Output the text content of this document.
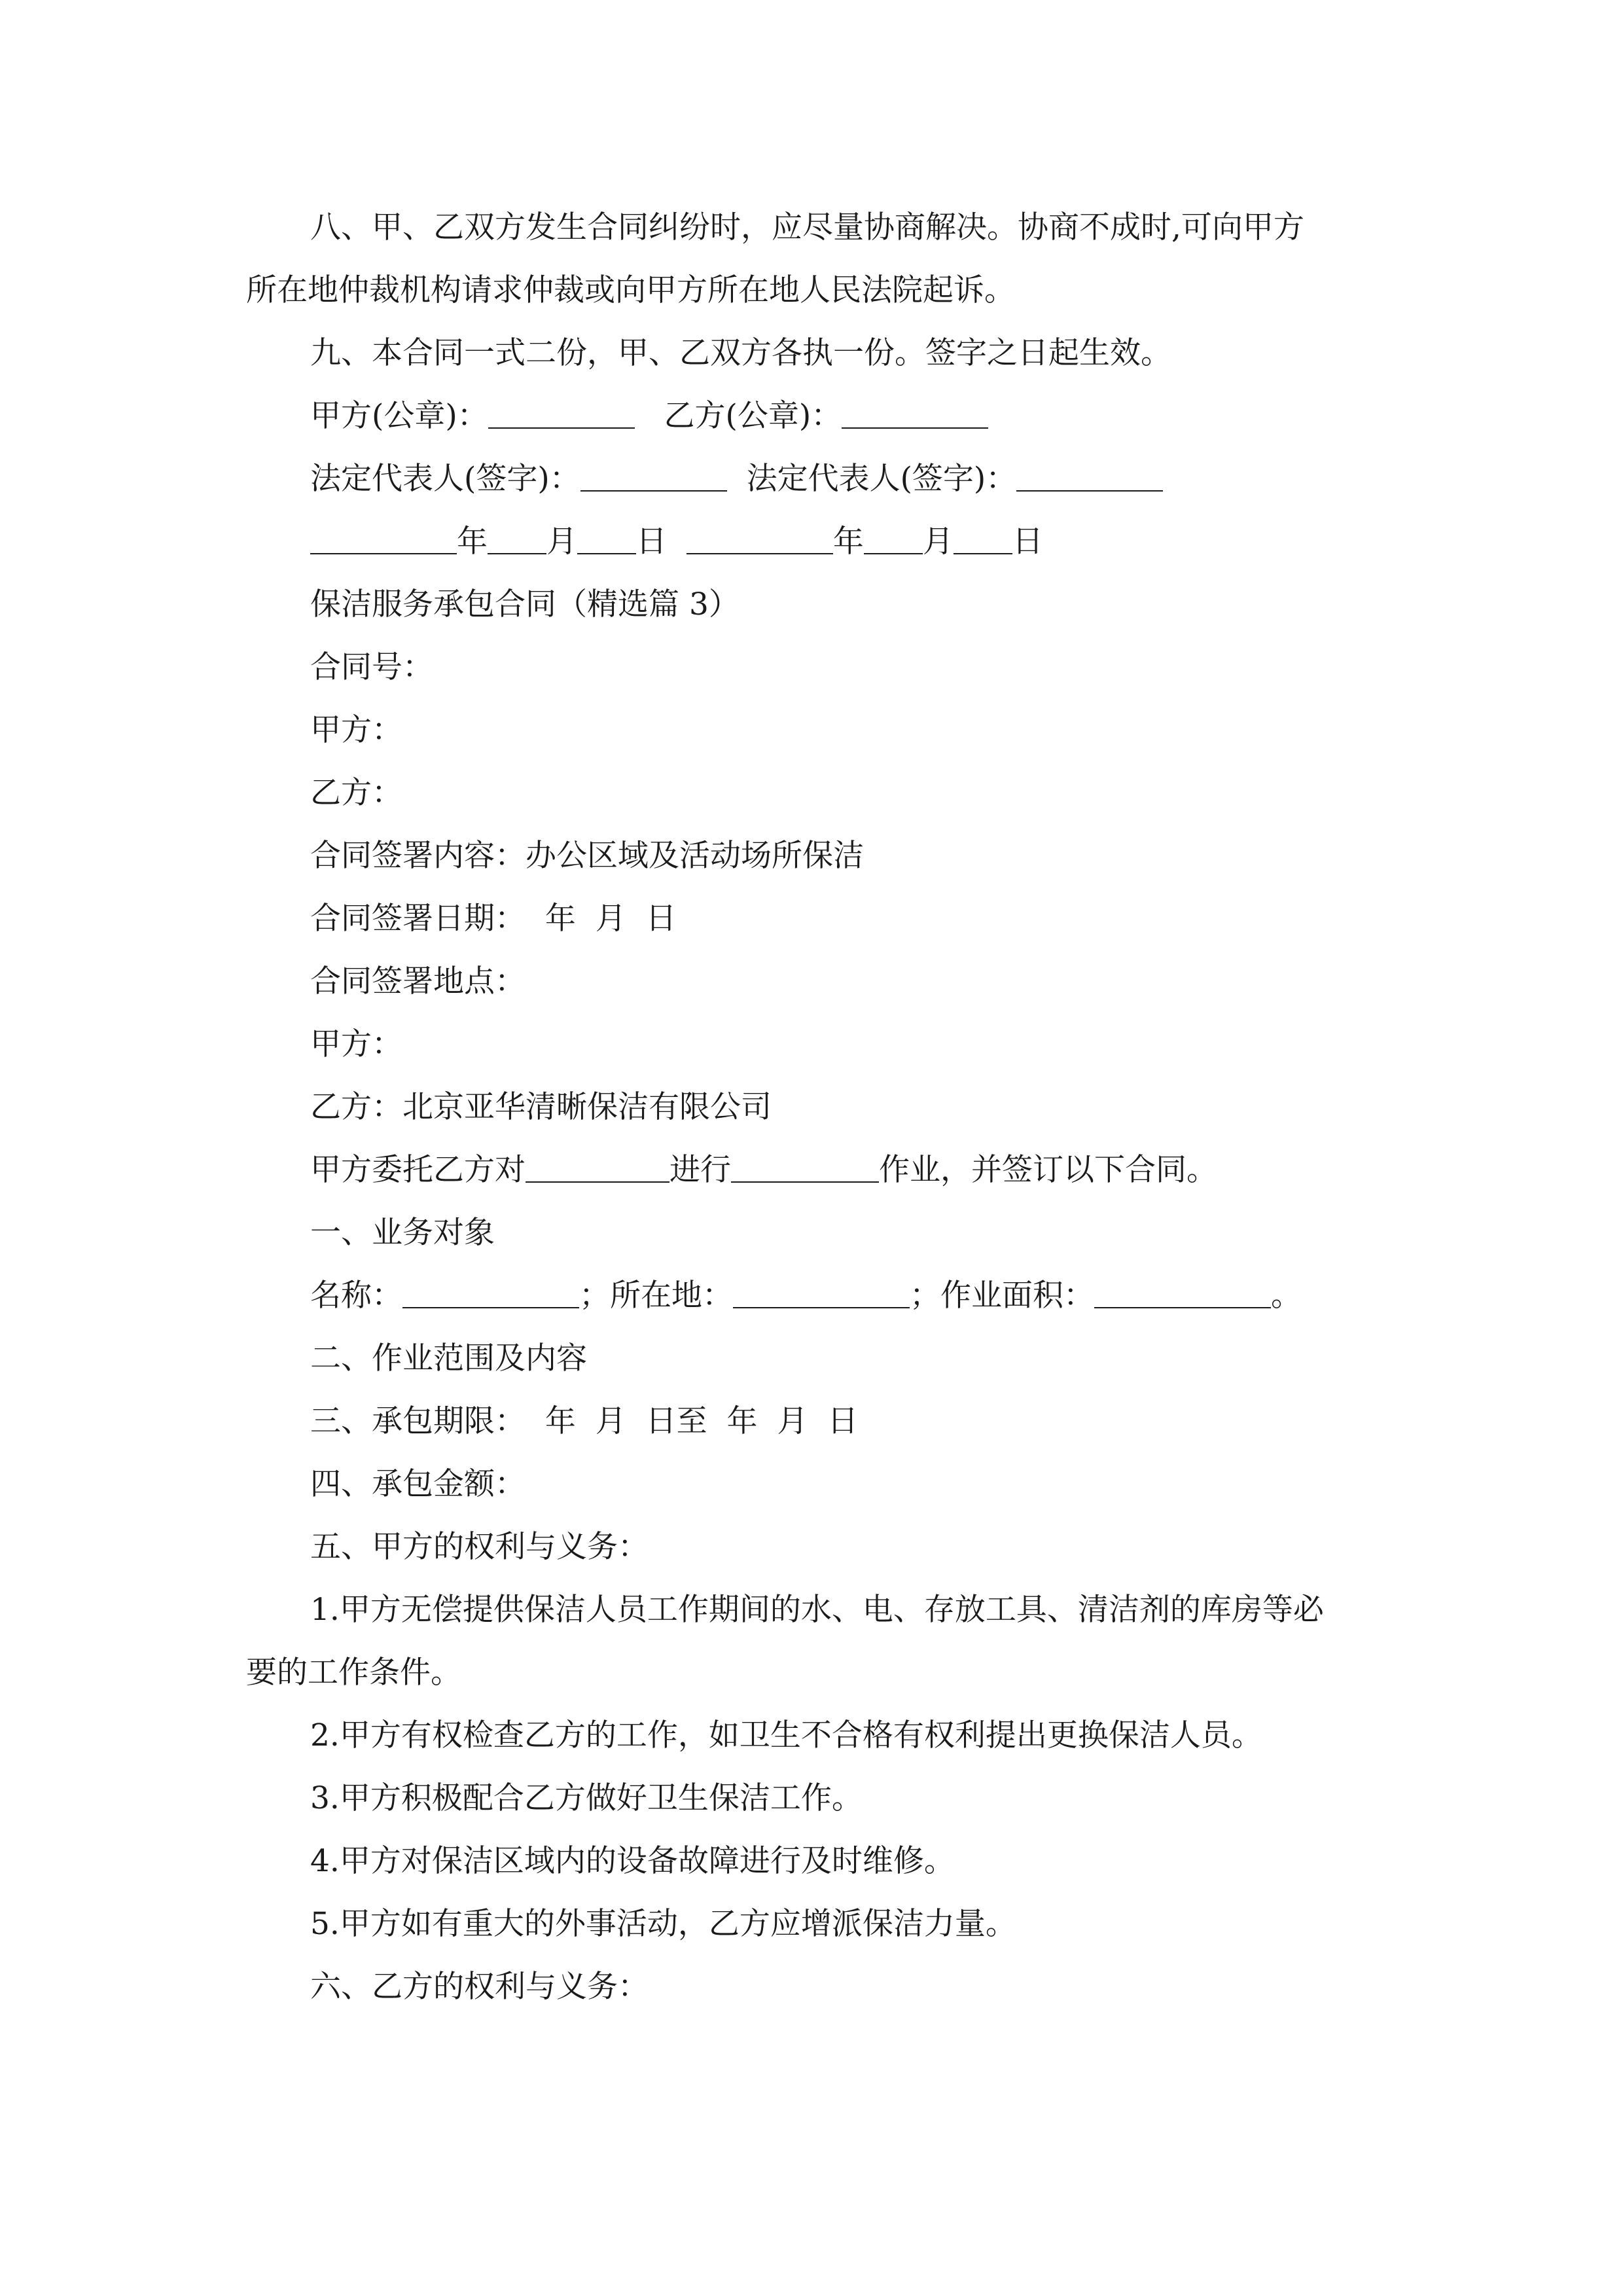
八、甲、乙双方发生合同纠纷时，应尽量协商解决。协商不成时,可向甲方
所在地仲裁机构请求仲裁或向甲方所在地人民法院起诉。
九、本合同一式二份，甲、乙双方各执一份。签字之日起生效。
甲方(公章)：	乙方(公章)：
法定代表人(签字)：	法定代表人(签字)：
年 月 日	年 月 日
保洁服务承包合同（精选篇 3）
合同号：
甲方：
乙方：
合同签署内容：办公区域及活动场所保洁
合同签署日期：  年  月  日
合同签署地点：
甲方：
乙方：北京亚华清晰保洁有限公司
甲方委托乙方对	进行	作业，并签订以下合同。
一、业务对象
名称：	；所在地：	；作业面积：	。
二、作业范围及内容
三、承包期限：  年  月  日至  年  月  日
四、承包金额：
五、甲方的权利与义务：
1.甲方无偿提供保洁人员工作期间的水、电、存放工具、清洁剂的库房等必
要的工作条件。
2.甲方有权检查乙方的工作，如卫生不合格有权利提出更换保洁人员。
3.甲方积极配合乙方做好卫生保洁工作。
4.甲方对保洁区域内的设备故障进行及时维修。
5.甲方如有重大的外事活动，乙方应增派保洁力量。
六、乙方的权利与义务：
